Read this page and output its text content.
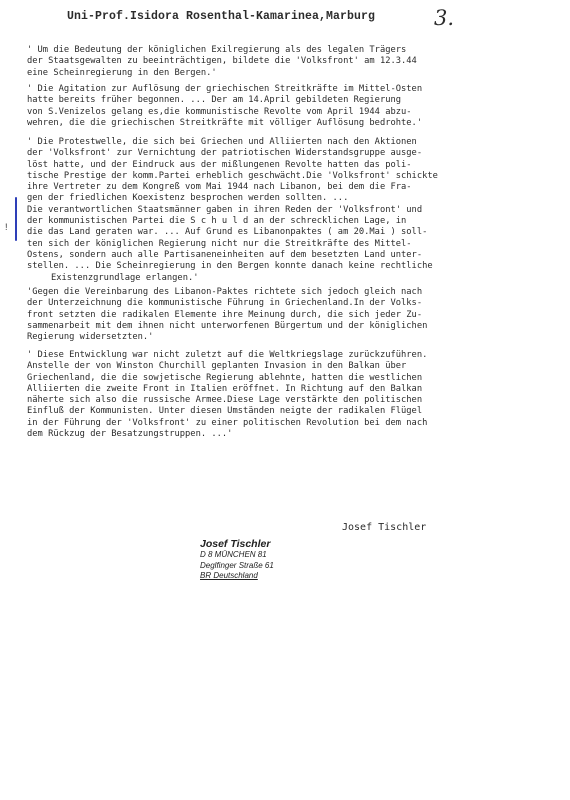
Uni-Prof.Isidora Rosenthal-Kamarinea,Marburg	3.
!
' Um die Bedeutung der königlichen Exilregierung als des legalen Trägers
der Staatsgewalten zu beeinträchtigen, bildete die 'Volksfront' am 12.3.44
eine Scheinregierung in den Bergen.'
' Die Agitation zur Auflösung der griechischen Streitkräfte im Mittel-Osten
hatte bereits früher begonnen. ... Der am 14.April gebildeten Regierung
von S.Venizelos gelang es,die kommunistische Revolte vom April 1944 abzu-
wehren, die die griechischen Streitkräfte mit völliger Auflösung bedrohte.'
' Die Protestwelle, die sich bei Griechen und Alliierten nach den Aktionen
der 'Volksfront' zur Vernichtung der patriotischen Widerstandsgruppe ausge-
löst hatte, und der Eindruck aus der mißlungenen Revolte hatten das poli-
tische Prestige der komm.Partei erheblich geschwächt.Die 'Volksfront' schickte
ihre Vertreter zu dem Kongreß vom Mai 1944 nach Libanon, bei dem die Fra-
gen der friedlichen Koexistenz besprochen werden sollten. ...
Die verantwortlichen Staatsmänner gaben in ihren Reden der 'Volksfront' und
der kommunistischen Partei die S c h u l d an der schrecklichen Lage, in
die das Land geraten war. ... Auf Grund es Libanonpaktes ( am 20.Mai ) soll-
ten sich der königlichen Regierung nicht nur die Streitkräfte des Mittel-
Ostens, sondern auch alle Partisaneneinheiten auf dem besetzten Land unter-
stellen. ... Die Scheinregierung in den Bergen konnte danach keine rechtliche
Existenzgrundlage erlangen.'
'Gegen die Vereinbarung des Libanon-Paktes richtete sich jedoch gleich nach
der Unterzeichnung die kommunistische Führung in Griechenland.In der Volks-
front setzten die radikalen Elemente ihre Meinung durch, die sich jeder Zu-
sammenarbeit mit dem ihnen nicht unterworfenen Bürgertum und der königlichen
Regierung widersetzten.'
' Diese Entwicklung war nicht zuletzt auf die Weltkriegslage zurückzuführen.
Anstelle der von Winston Churchill geplanten Invasion in den Balkan über
Griechenland, die die sowjetische Regierung ablehnte, hatten die westlichen
Alliierten die zweite Front in Italien eröffnet. In Richtung auf den Balkan
näherte sich also die russische Armee.Diese Lage verstärkte den politischen
Einfluß der Kommunisten. Unter diesen Umständen neigte der radikalen Flügel
in der Führung der 'Volksfront' zu einer politischen Revolution bei dem nach
dem Rückzug der Besatzungstruppen. ...'
Josef Tischler
Josef Tischler
D 8 MÜNCHEN 81
Deglfinger Straße 61
BR Deutschland
